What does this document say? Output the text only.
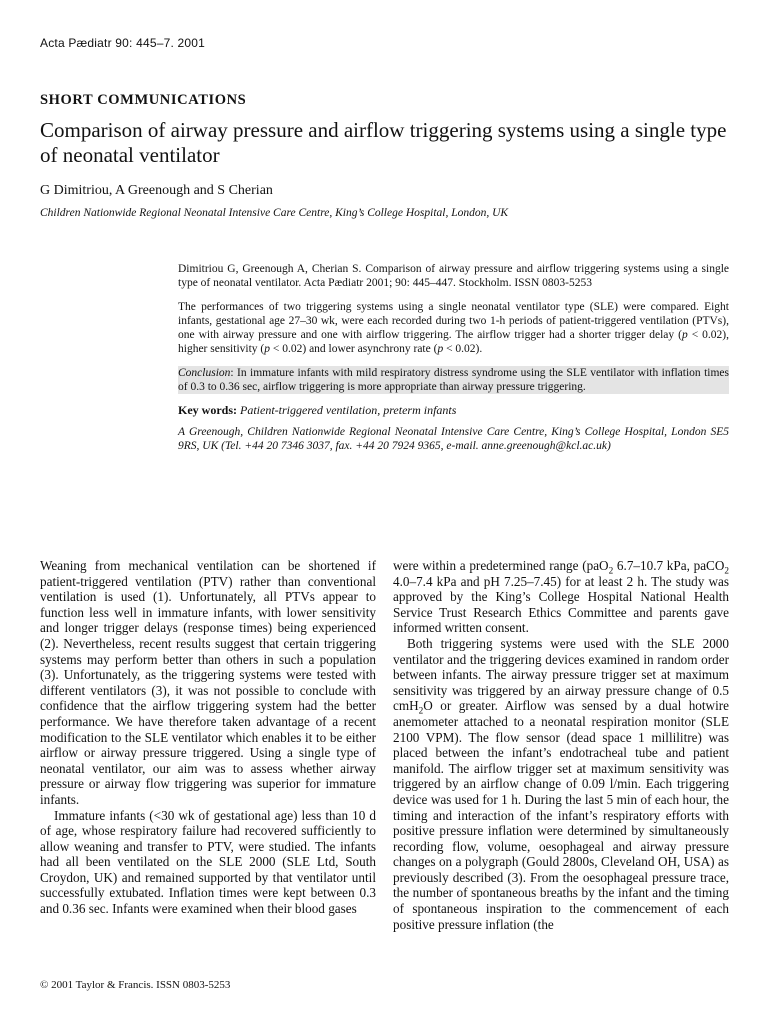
Acta Pædiatr 90: 445–7. 2001
SHORT COMMUNICATIONS
Comparison of airway pressure and airflow triggering systems using a single type of neonatal ventilator
G Dimitriou, A Greenough and S Cherian
Children Nationwide Regional Neonatal Intensive Care Centre, King’s College Hospital, London, UK

Dimitriou G, Greenough A, Cherian S. Comparison of airway pressure and airflow triggering systems using a single type of neonatal ventilator. Acta Pædiatr 2001; 90: 445–447. Stockholm. ISSN 0803-5253

The performances of two triggering systems using a single neonatal ventilator type (SLE) were compared. Eight infants, gestational age 27–30 wk, were each recorded during two 1-h periods of patient-triggered ventilation (PTVs), one with airway pressure and one with airflow triggering. The airflow trigger had a shorter trigger delay (p < 0.02), higher sensitivity (p < 0.02) and lower asynchrony rate (p < 0.02).

Conclusion: In immature infants with mild respiratory distress syndrome using the SLE ventilator with inflation times of 0.3 to 0.36 sec, airflow triggering is more appropriate than airway pressure triggering.

Key words: Patient-triggered ventilation, preterm infants

A Greenough, Children Nationwide Regional Neonatal Intensive Care Centre, King’s College Hospital, London SE5 9RS, UK (Tel. +44 20 7346 3037, fax. +44 20 7924 9365, e-mail. anne.greenough@kcl.ac.uk)

Weaning from mechanical ventilation can be shortened if patient-triggered ventilation (PTV) rather than conventional ventilation is used (1). Unfortunately, all PTVs appear to function less well in immature infants, with lower sensitivity and longer trigger delays (response times) being experienced (2). Nevertheless, recent results suggest that certain triggering systems may perform better than others in such a population (3). Unfortunately, as the triggering systems were tested with different ventilators (3), it was not possible to conclude with confidence that the airflow triggering system had the better performance. We have therefore taken advantage of a recent modification to the SLE ventilator which enables it to be either airflow or airway pressure triggered. Using a single type of neonatal ventilator, our aim was to assess whether airway pressure or airway flow triggering was superior for immature infants.

Immature infants (<30 wk of gestational age) less than 10 d of age, whose respiratory failure had recovered sufficiently to allow weaning and transfer to PTV, were studied. The infants had all been ventilated on the SLE 2000 (SLE Ltd, South Croydon, UK) and remained supported by that ventilator until successfully extubated. Inflation times were kept between 0.3 and 0.36 sec. Infants were examined when their blood gases

were within a predetermined range (paO$_2$ 6.7–10.7 kPa, paCO$_2$ 4.0–7.4 kPa and pH 7.25–7.45) for at least 2 h. The study was approved by the King’s College Hospital National Health Service Trust Research Ethics Committee and parents gave informed written consent.

Both triggering systems were used with the SLE 2000 ventilator and the triggering devices examined in random order between infants. The airway pressure trigger set at maximum sensitivity was triggered by an airway pressure change of 0.5 cmH$_2$O or greater. Airflow was sensed by a dual hotwire anemometer attached to a neonatal respiration monitor (SLE 2100 VPM). The flow sensor (dead space 1 millilitre) was placed between the infant’s endotracheal tube and patient manifold. The airflow trigger set at maximum sensitivity was triggered by an airflow change of 0.09 l/min. Each triggering device was used for 1 h. During the last 5 min of each hour, the timing and interaction of the infant’s respiratory efforts with positive pressure inflation were determined by simultaneously recording flow, volume, oesophageal and airway pressure changes on a polygraph (Gould 2800s, Cleveland OH, USA) as previously described (3). From the oesophageal pressure trace, the number of spontaneous breaths by the infant and the timing of spontaneous inspiration to the commencement of each positive pressure inflation (the

© 2001 Taylor & Francis. ISSN 0803-5253
